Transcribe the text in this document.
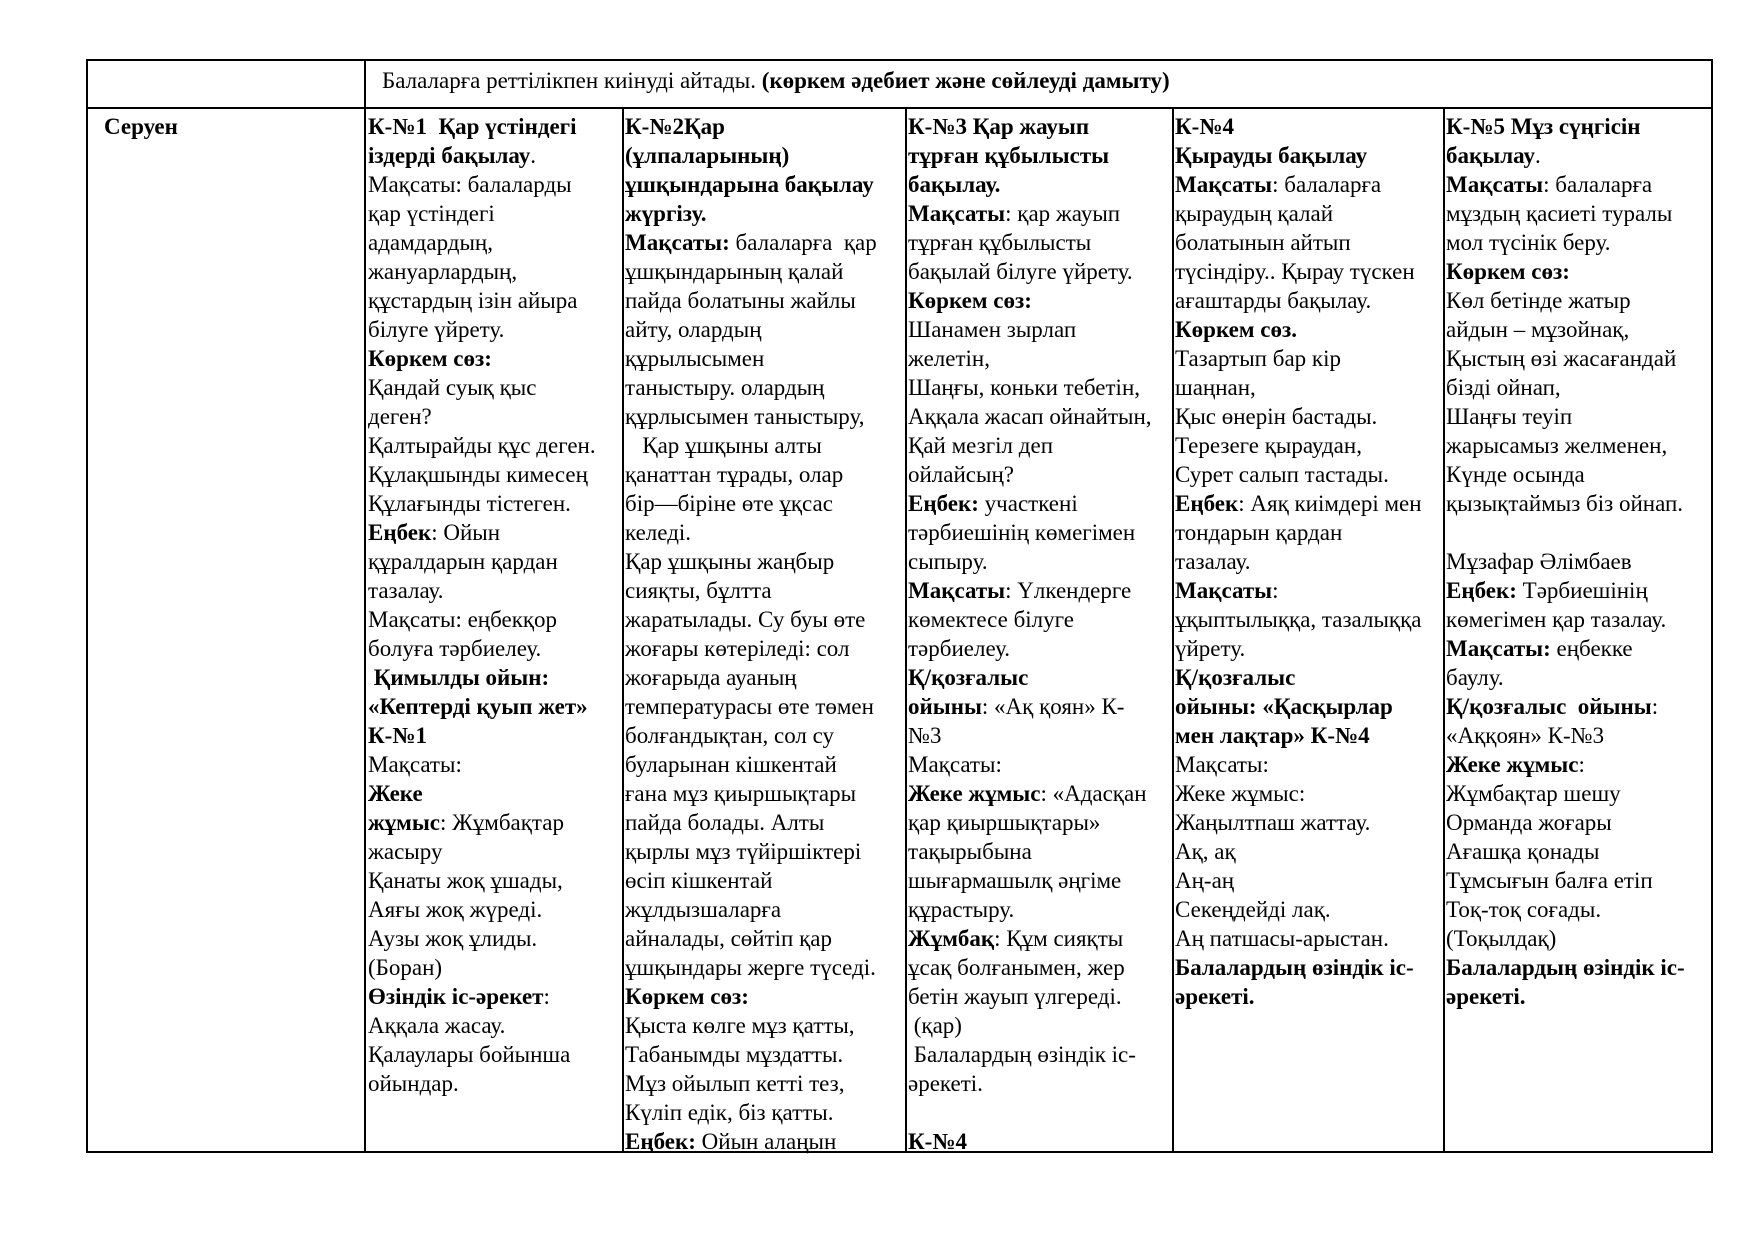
Балаларға реттілікпен киінуді айтады. (көркем әдебиет және сөйлеуді дамыту)
Серуен	К-№1  Қар үстіндегі
іздерді бақылау.
Мақсаты: балаларды
қар үстіндегі
адамдардың,
жануарлардың,
құстардың ізін айыра
білуге үйрету.
Көркем сөз:
Қандай суық қыс
деген?
Қалтырайды құс деген.
Құлақшынды кимесең
Құлағынды тістеген.
Еңбек: Ойын
құралдарын қардан
тазалау.
Мақсаты: еңбекқор
болуға тәрбиелеу.
Қимылды ойын:
«Кептерді қуып жет»
К-№1
Мақсаты:
Жеке
жұмыс: Жұмбақтар
жасыру
Қанаты жоқ ұшады,
Аяғы жоқ жүреді.
Аузы жоқ ұлиды.
(Боран)
Өзіндік іс-әрекет:
Аққала жасау.
Қалаулары бойынша
ойындар.
К-№2Қар
(ұлпаларының)
ұшқындарына бақылау
жүргізу.
Мақсаты: балаларға  қар
ұшқындарының қалай
пайда болатыны жайлы
айту, олардың
құрылысымен
таныстыру. олардың
құрлысымен таныстыру,
Қар ұшқыны алты
қанаттан тұрады, олар
бір—біріне өте ұқсас
келеді.
Қар ұшқыны жаңбыр
сияқты, бұлтта
жаратылады. Су буы өте
жоғары көтеріледі: сол
жоғарыда ауаның
температурасы өте төмен
болғандықтан, сол су
буларынан кішкентай
ғана мұз қиыршықтары
пайда болады. Алты
қырлы мұз түйіршіктері
өсіп кішкентай
жұлдызшаларға
айналады, сөйтіп қар
ұшқындары жерге түседі.
Көркем сөз:
Қыста көлге мұз қатты,
Табанымды мұздатты.
Мұз ойылып кетті тез,
Күліп едік, біз қатты.
Еңбек: Ойын алаңын
К-№3 Қар жауып
тұрған құбылысты
бақылау.
Мақсаты: қар жауып
тұрған құбылысты
бақылай білуге үйрету.
Көркем сөз:
Шанамен зырлап
желетін,
Шаңғы, коньки тебетін,
Аққала жасап ойнайтын,
Қай мезгіл деп
ойлайсың?
Еңбек: участкені
тәрбиешінің көмегімен
сыпыру.
Мақсаты: Үлкендерге
көмектесе білуге
тәрбиелеу.
Қ/қозғалыс
ойыны: «Ақ қоян» К-
№3
Мақсаты:
Жеке жұмыс: «Адасқан
қар қиыршықтары»
тақырыбына
шығармашылқ әңгіме
құрастыру.
Жұмбақ: Құм сияқты
ұсақ болғанымен, жер
бетін жауып үлгереді.
(қар)
Балалардың өзіндік іс-
әрекеті.
К-№4
К-№4
Қырауды бақылау
Мақсаты: балаларға
қыраудың қалай
болатынын айтып
түсіндіру.. Қырау түскен
ағаштарды бақылау.
Көркем сөз.
Тазартып бар кір
шаңнан,
Қыс өнерін бастады.
Терезеге қыраудан,
Сурет салып тастады.
Еңбек: Аяқ киімдері мен
тондарын қардан
тазалау.
Мақсаты:
ұқыптылыққа, тазалыққа
үйрету.
Қ/қозғалыс
ойыны: «Қасқырлар
мен лақтар» К-№4
Мақсаты:
Жеке жұмыс:
Жаңылтпаш жаттау.
Ақ, ақ
Аң-аң
Секеңдейді лақ.
Аң патшасы-арыстан.
Балалардың өзіндік іс-
әрекеті.
К-№5 Мұз сүңгісін
бақылау.
Мақсаты: балаларға
мұздың қасиеті туралы
мол түсінік беру.
Көркем сөз:
Көл бетінде жатыр
айдын – мұзойнақ,
Қыстың өзі жасағандай
бізді ойнап,
Шаңғы теуіп
жарысамыз желменен,
Күнде осында
қызықтаймыз біз ойнап.
Мұзафар Әлімбаев
Еңбек: Тәрбиешінің
көмегімен қар тазалау.
Мақсаты: еңбекке
баулу.
Қ/қозғалыс  ойыны:
«Аққоян» К-№3
Жеке жұмыс:
Жұмбақтар шешу
Орманда жоғары
Ағашқа қонады
Тұмсығын балға етіп
Тоқ-тоқ соғады.
(Тоқылдақ)
Балалардың өзіндік іс-
әрекеті.
